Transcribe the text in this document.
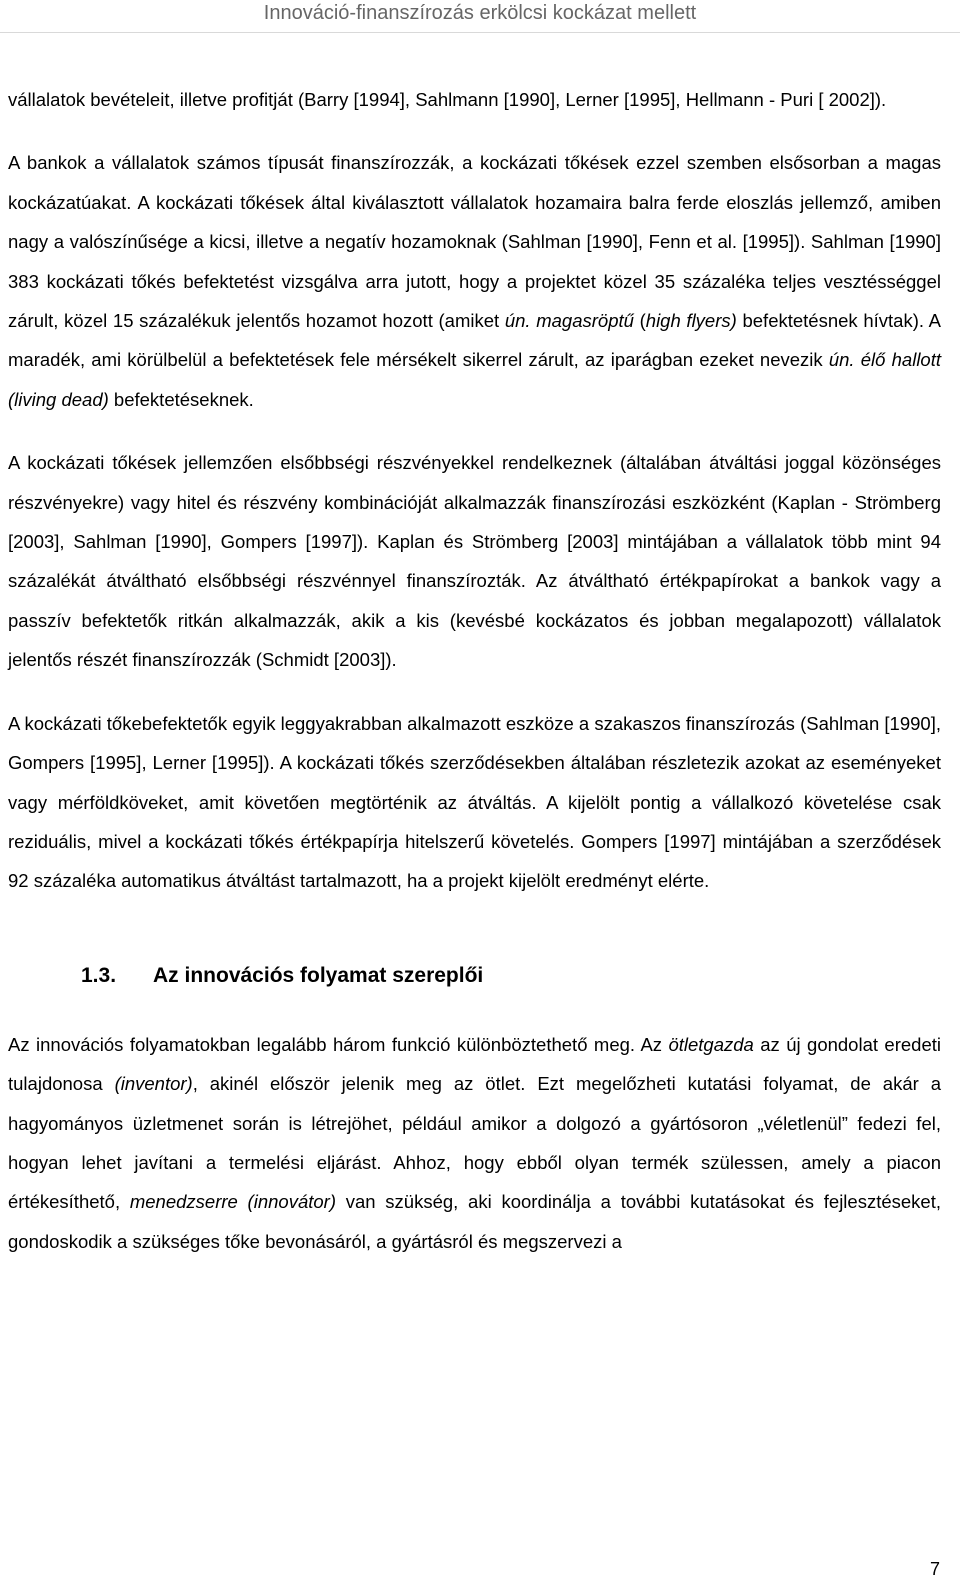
Innováció-finanszírozás erkölcsi kockázat mellett

vállalatok bevételeit, illetve profitját (Barry [1994], Sahlmann [1990], Lerner [1995], Hellmann - Puri [ 2002]).

A bankok a vállalatok számos típusát finanszírozzák, a kockázati tőkések ezzel szemben elsősorban a magas kockázatúakat. A kockázati tőkések által kiválasztott vállalatok hozamaira balra ferde eloszlás jellemző, amiben nagy a valószínűsége a kicsi, illetve a negatív hozamoknak (Sahlman [1990], Fenn et al. [1995]). Sahlman [1990] 383 kockázati tőkés befektetést vizsgálva arra jutott, hogy a projektet közel 35 százaléka teljes vesztésséggel zárult, közel 15 százalékuk jelentős hozamot hozott (amiket ún. magasröptű (high flyers) befektetésnek hívtak). A maradék, ami körülbelül a befektetések fele mérsékelt sikerrel zárult, az iparágban ezeket nevezik ún. élő hallott (living dead) befektetéseknek.

A kockázati tőkések jellemzően elsőbbségi részvényekkel rendelkeznek (általában átváltási joggal közönséges részvényekre) vagy hitel és részvény kombinációját alkalmazzák finanszírozási eszközként (Kaplan - Strömberg [2003], Sahlman [1990], Gompers [1997]). Kaplan és Strömberg [2003] mintájában a vállalatok több mint 94 százalékát átváltható elsőbbségi részvénnyel finanszírozták. Az átváltható értékpapírokat a bankok vagy a passzív befektetők ritkán alkalmazzák, akik a kis (kevésbé kockázatos és jobban megalapozott) vállalatok jelentős részét finanszírozzák (Schmidt [2003]).

A kockázati tőkebefektetők egyik leggyakrabban alkalmazott eszköze a szakaszos finanszírozás (Sahlman [1990], Gompers [1995], Lerner [1995]). A kockázati tőkés szerződésekben általában részletezik azokat az eseményeket vagy mérföldköveket, amit követően megtörténik az átváltás. A kijelölt pontig a vállalkozó követelése csak reziduális, mivel a kockázati tőkés értékpapírja hitelszerű követelés. Gompers [1997] mintájában a szerződések 92 százaléka automatikus átváltást tartalmazott, ha a projekt kijelölt eredményt elérte.

1.3. Az innovációs folyamat szereplői

Az innovációs folyamatokban legalább három funkció különböztethető meg. Az ötletgazda az új gondolat eredeti tulajdonosa (inventor), akinél először jelenik meg az ötlet. Ezt megelőzheti kutatási folyamat, de akár a hagyományos üzletmenet során is létrejöhet, például amikor a dolgozó a gyártósoron „véletlenül” fedezi fel, hogyan lehet javítani a termelési eljárást. Ahhoz, hogy ebből olyan termék szülessen, amely a piacon értékesíthető, menedzserre (innovátor) van szükség, aki koordinálja a további kutatásokat és fejlesztéseket, gondoskodik a szükséges tőke bevonásáról, a gyártásról és megszervezi a

7
